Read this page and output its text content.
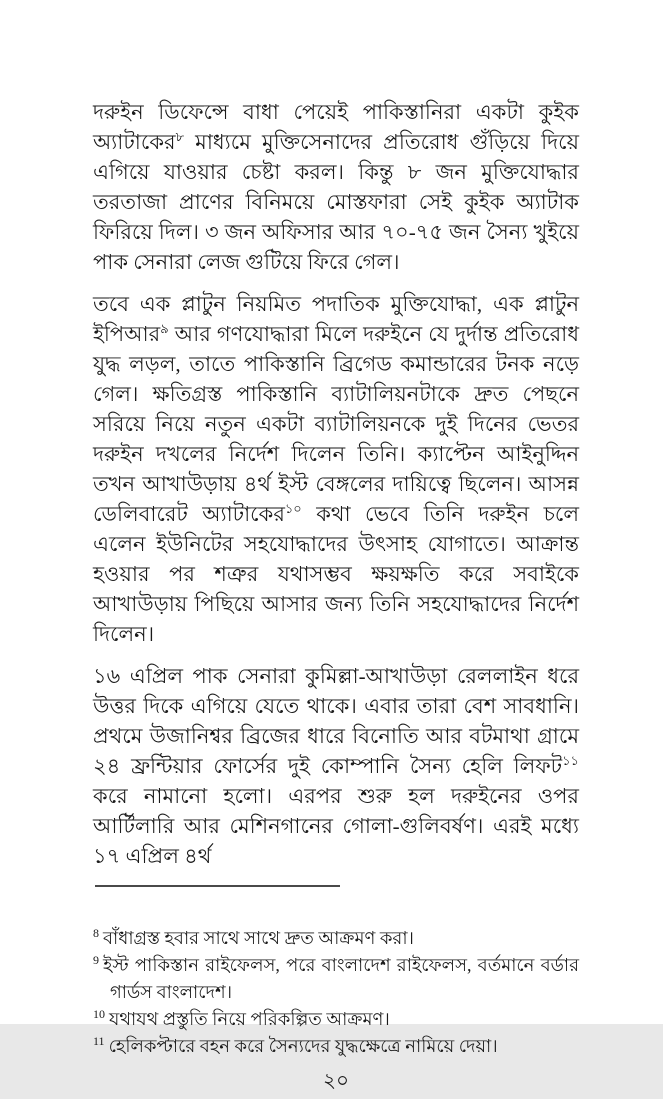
দরুইন ডিফেন্সে বাধা পেয়েই পাকিস্তানিরা একটা কুইক অ্যাটাকের$^৮$ মাধ্যমে মুক্তিসেনাদের প্রতিরোধ গুঁড়িয়ে দিয়ে এগিয়ে যাওয়ার চেষ্টা করল। কিন্তু ৮ জন মুক্তিযোদ্ধার তরতাজা প্রাণের বিনিময়ে মোস্তফারা সেই কুইক অ্যাটাক ফিরিয়ে দিল। ৩ জন অফিসার আর ৭০-৭৫ জন সৈন্য খুইয়ে পাক সেনারা লেজ গুটিয়ে ফিরে গেল।

তবে এক প্লাটুন নিয়মিত পদাতিক মুক্তিযোদ্ধা, এক প্লাটুন ইপিআর$^৯$ আর গণযোদ্ধারা মিলে দরুইনে যে দুর্দান্ত প্রতিরোধ যুদ্ধ লড়ল, তাতে পাকিস্তানি ব্রিগেড কমান্ডারের টনক নড়ে গেল। ক্ষতিগ্রস্ত পাকিস্তানি ব্যাটালিয়নটাকে দ্রুত পেছনে সরিয়ে নিয়ে নতুন একটা ব্যাটালিয়নকে দুই দিনের ভেতর দরুইন দখলের নির্দেশ দিলেন তিনি। ক্যাপ্টেন আইনুদ্দিন তখন আখাউড়ায় ৪র্থ ইস্ট বেঙ্গলের দায়িত্বে ছিলেন। আসন্ন ডেলিবারেট অ্যাটাকের$^{১০}$ কথা ভেবে তিনি দরুইন চলে এলেন ইউনিটের সহযোদ্ধাদের উৎসাহ যোগাতে। আক্রান্ত হওয়ার পর শত্রুর যথাসম্ভব ক্ষয়ক্ষতি করে সবাইকে আখাউড়ায় পিছিয়ে আসার জন্য তিনি সহযোদ্ধাদের নির্দেশ দিলেন।

১৬ এপ্রিল পাক সেনারা কুমিল্লা-আখাউড়া রেললাইন ধরে উত্তর দিকে এগিয়ে যেতে থাকে। এবার তারা বেশ সাবধানি। প্রথমে উজানিশ্বর ব্রিজের ধারে বিনোতি আর বটমাথা গ্রামে ২৪ ফ্রন্টিয়ার ফোর্সের দুই কোম্পানি সৈন্য হেলি লিফট$^{১১}$ করে নামানো হলো। এরপর শুরু হল দরুইনের ওপর আর্টিলারি আর মেশিনগানের গোলা-গুলিবর্ষণ। এরই মধ্যে ১৭ এপ্রিল ৪র্থ

$^8$ বাঁধাগ্রস্ত হবার সাথে সাথে দ্রুত আক্রমণ করা।
$^9$ ইস্ট পাকিস্তান রাইফেলস, পরে বাংলাদেশ রাইফেলস, বর্তমানে বর্ডার গার্ডস বাংলাদেশ।
$^{10}$ যথাযথ প্রস্তুতি নিয়ে পরিকল্পিত আক্রমণ।
$^{11}$ হেলিকপ্টারে বহন করে সৈন্যদের যুদ্ধক্ষেত্রে নামিয়ে দেয়া।
২০
